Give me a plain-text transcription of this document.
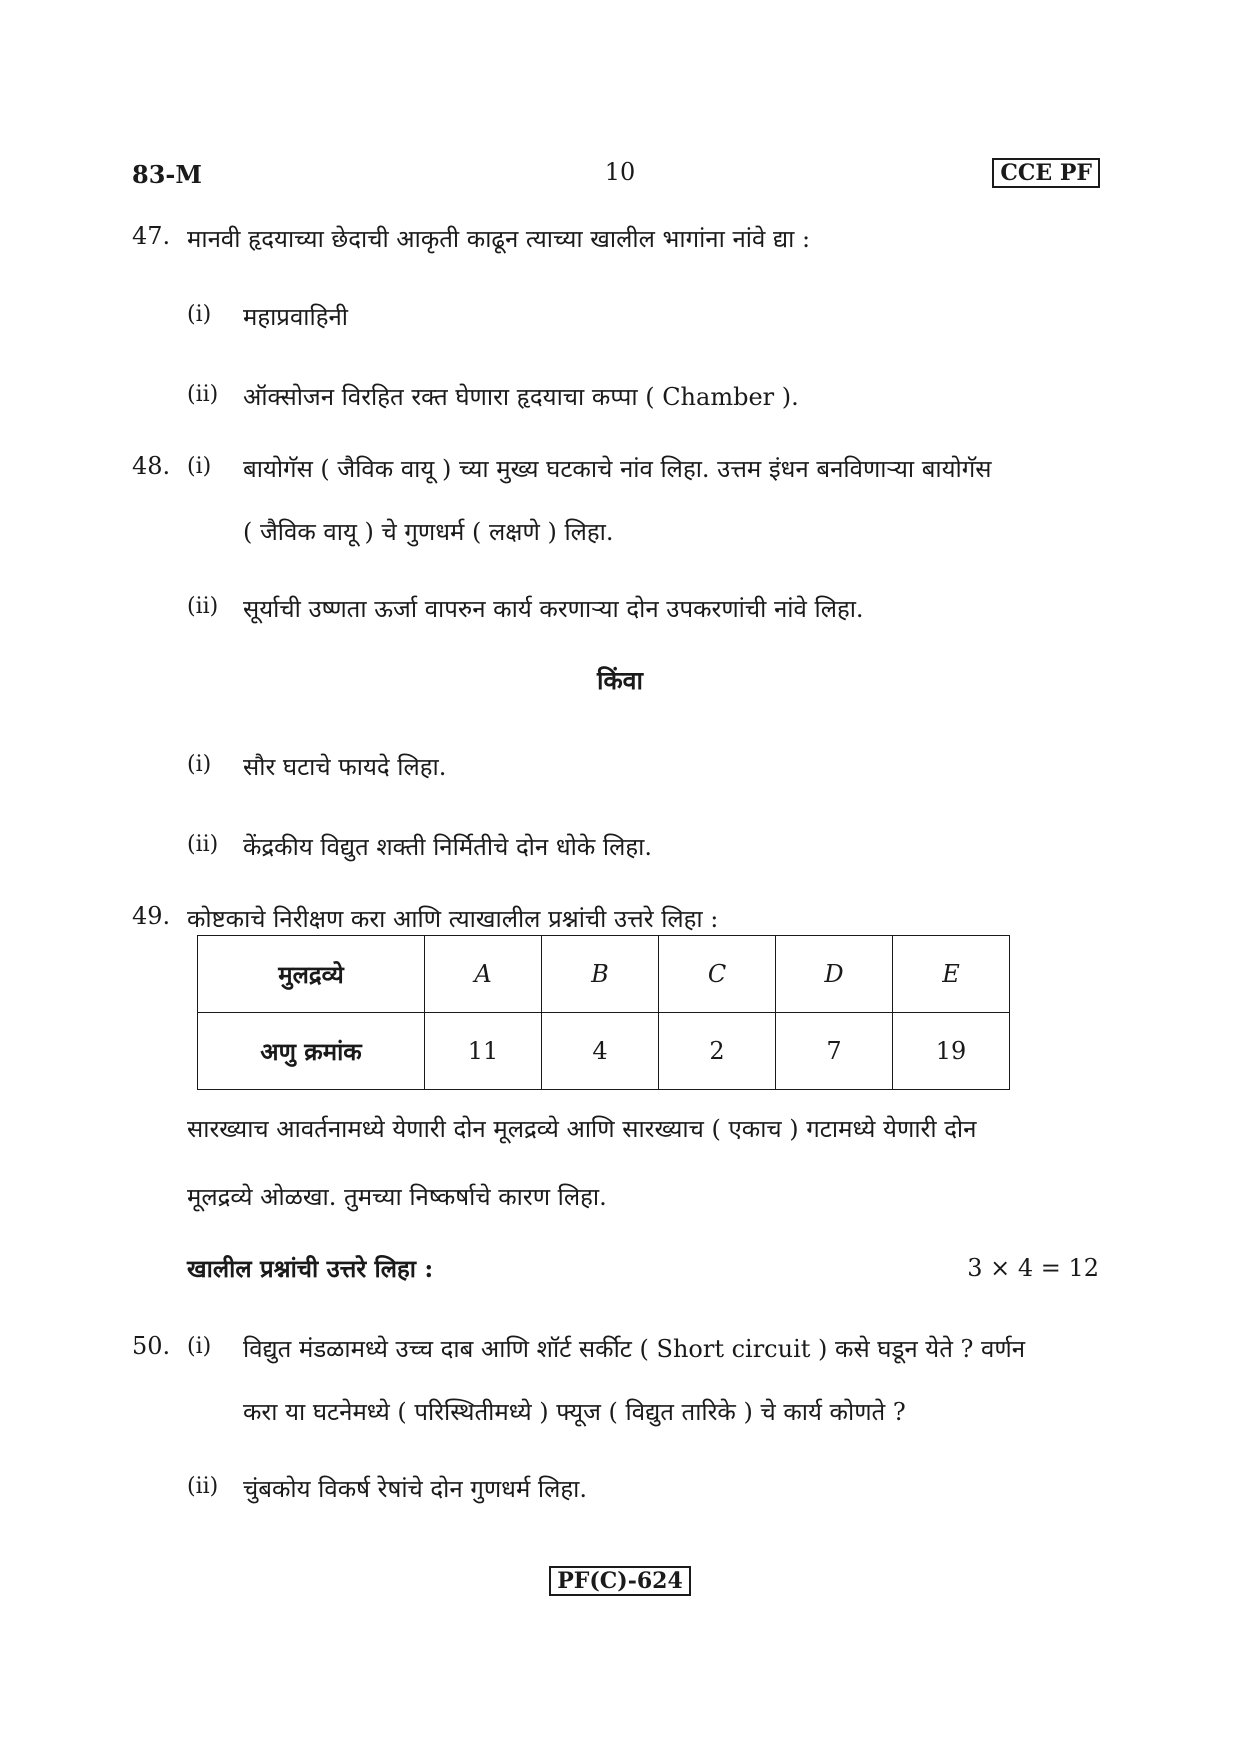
83-M	10	CCE PF
47. मानवी हृदयाच्या छेदाची आकृती काढून त्याच्या खालील भागांना नांवे द्या :
(i) महाप्रवाहिनी
(ii) ऑक्सोजन विरहित रक्त घेणारा हृदयाचा कप्पा ( Chamber ).
48. (i) बायोगॅस ( जैविक वायू ) च्या मुख्य घटकाचे नांव लिहा. उत्तम इंधन बनविणाऱ्या बायोगॅस
( जैविक वायू ) चे गुणधर्म ( लक्षणे ) लिहा.
(ii) सूर्याची उष्णता ऊर्जा वापरुन कार्य करणाऱ्या दोन उपकरणांची नांवे लिहा.
किंवा
(i) सौर घटाचे फायदे लिहा.
(ii) केंद्रकीय विद्युत शक्ती निर्मितीचे दोन धोके लिहा.
49. कोष्टकाचे निरीक्षण करा आणि त्याखालील प्रश्नांची उत्तरे लिहा :
मुलद्रव्ये	A	B	C	D	E
अणु क्रमांक	11	4	2	7	19
सारख्याच आवर्तनामध्ये येणारी दोन मूलद्रव्ये आणि सारख्याच ( एकाच ) गटामध्ये येणारी दोन
मूलद्रव्ये ओळखा. तुमच्या निष्कर्षाचे कारण लिहा.
खालील प्रश्नांची उत्तरे लिहा :	3 × 4 = 12
50. (i) विद्युत मंडळामध्ये उच्च दाब आणि शॉर्ट सर्कीट ( Short circuit ) कसे घडून येते ? वर्णन
करा या घटनेमध्ये ( परिस्थितीमध्ये ) फ्यूज ( विद्युत तारिके ) चे कार्य कोणते ?
(ii) चुंबकोय विकर्ष रेषांचे दोन गुणधर्म लिहा.
PF(C)-624
